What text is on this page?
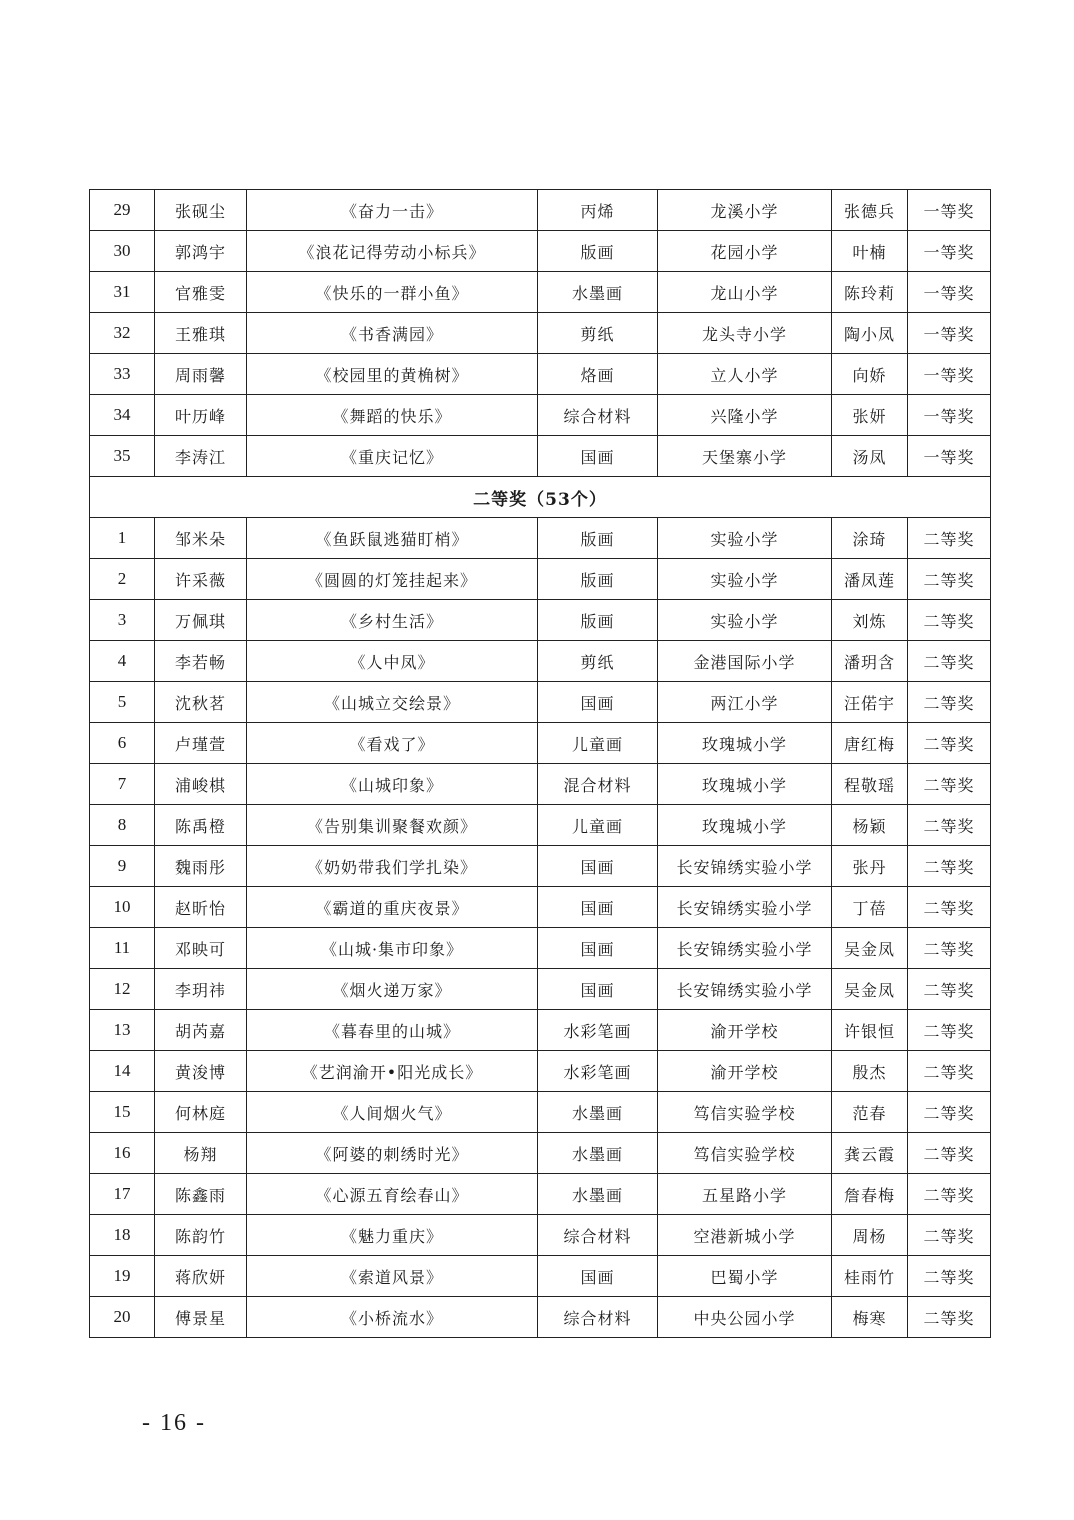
29	张砚尘	《奋力一击》	丙烯	龙溪小学	张德兵	一等奖
30	郭鸿宇	《浪花记得劳动小标兵》	版画	花园小学	叶楠	一等奖
31	官雅雯	《快乐的一群小鱼》	水墨画	龙山小学	陈玲莉	一等奖
32	王雅琪	《书香满园》	剪纸	龙头寺小学	陶小凤	一等奖
33	周雨馨	《校园里的黄桷树》	烙画	立人小学	向娇	一等奖
34	叶历峰	《舞蹈的快乐》	综合材料	兴隆小学	张妍	一等奖
35	李涛江	《重庆记忆》	国画	天堡寨小学	汤凤	一等奖
二等奖（53个）						
1	邹米朵	《鱼跃鼠逃猫盯梢》	版画	实验小学	涂琦	二等奖
2	许采薇	《圆圆的灯笼挂起来》	版画	实验小学	潘凤莲	二等奖
3	万佩琪	《乡村生活》	版画	实验小学	刘炼	二等奖
4	李若畅	《人中凤》	剪纸	金港国际小学	潘玥含	二等奖
5	沈秋茗	《山城立交绘景》	国画	两江小学	汪偌宇	二等奖
6	卢瑾萱	《看戏了》	儿童画	玫瑰城小学	唐红梅	二等奖
7	浦峻棋	《山城印象》	混合材料	玫瑰城小学	程敬瑶	二等奖
8	陈禹橙	《告别集训聚餐欢颜》	儿童画	玫瑰城小学	杨颖	二等奖
9	魏雨彤	《奶奶带我们学扎染》	国画	长安锦绣实验小学	张丹	二等奖
10	赵昕怡	《霸道的重庆夜景》	国画	长安锦绣实验小学	丁蓓	二等奖
11	邓映可	《山城·集市印象》	国画	长安锦绣实验小学	吴金凤	二等奖
12	李玥祎	《烟火递万家》	国画	长安锦绣实验小学	吴金凤	二等奖
13	胡芮嘉	《暮春里的山城》	水彩笔画	渝开学校	许银恒	二等奖
14	黄浚博	《艺润渝开•阳光成长》	水彩笔画	渝开学校	殷杰	二等奖
15	何林庭	《人间烟火气》	水墨画	笃信实验学校	范春	二等奖
16	杨翔	《阿婆的刺绣时光》	水墨画	笃信实验学校	龚云霞	二等奖
17	陈鑫雨	《心源五育绘春山》	水墨画	五星路小学	詹春梅	二等奖
18	陈韵竹	《魅力重庆》	综合材料	空港新城小学	周杨	二等奖
19	蒋欣妍	《索道风景》	国画	巴蜀小学	桂雨竹	二等奖
20	傅景星	《小桥流水》	综合材料	中央公园小学	梅寒	二等奖
- 16 -
